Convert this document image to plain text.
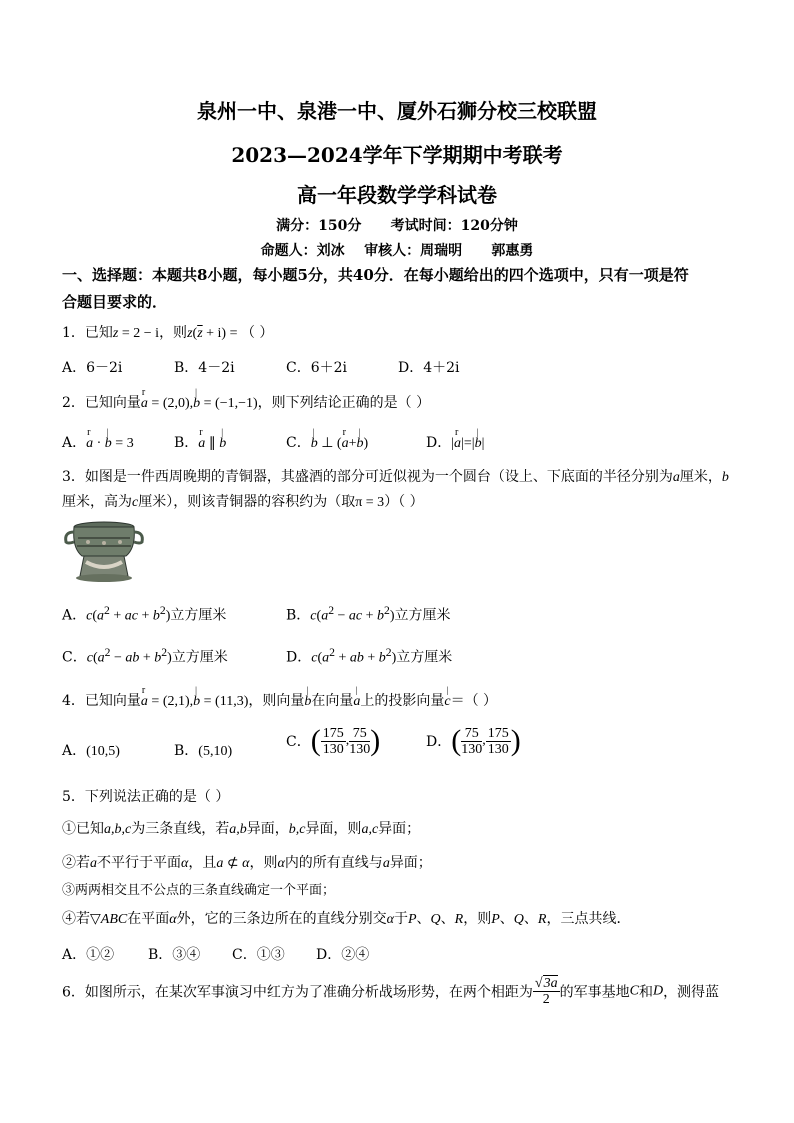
泉州一中、泉港一中、厦外石狮分校三校联盟
2023—2024学年下学期期中考联考
高一年段数学学科试卷
满分：150分      考试时间：120分钟
命题人：刘冰    审核人：周瑞明      郭惠勇
一、选择题：本题共8小题，每小题5分，共40分．在每小题给出的四个选项中，只有一项是符
合题目要求的．
1．已知z = 2 − i，则$z(\overline{z} + i)$ = （ ）
A．6－2i	B．4－2i	C．6＋2i	D．4＋2i
2．已知向量r a = (2,0),| b = (−1,−1)，则下列结论正确的是（ ）
A．r a · | b = 3	B．r a ∥ | b	C．| b ⊥ (r a+| b)	D．|r a|=|| b|
3．如图是一件西周晚期的青铜器，其盛酒的部分可近似视为一个圆台（设上、下底面的半径分别为a厘米，b
厘米，高为c厘米），则该青铜器的容积约为（取π = 3）（ ）
A．$c(a^2$ + ac + $b^2$)立方厘米	B．$c(a^2$ − ac + $b^2$)立方厘米
C．$c(a^2$ − ab + $b^2$)立方厘米	D．$c(a^2$ + ab + $b^2$)立方厘米
4．已知向量r a = (2,1),| b = (11,3)，则向量| b在向量| a上的投影向量| c＝（ ）
A．(10,5)	B．(5,10)
C．( $\frac{175}{130}$ , $\frac{75}{130}$ )	D．( $\frac{75}{130}$ , $\frac{175}{130}$ )
5．下列说法正确的是（ ）
①已知a,b,c为三条直线，若a,b异面，b,c异面，则a,c异面；
②若a不平行于平面α，且a ⊄ α，则α内的所有直线与a异面；
③两两相交且不公点的三条直线确定一个平面；
④若▽ABC在平面α外，它的三条边所在的直线分别交α于P、Q、R，则P、Q、R，三点共线．
A．①② B．③④ C．①③ D．②④
6．如图所示，在某次军事演习中红方为了准确分析战场形势，在两个相距为 $\frac{√3a}{2}$ 的军事基地C和D，测得蓝
